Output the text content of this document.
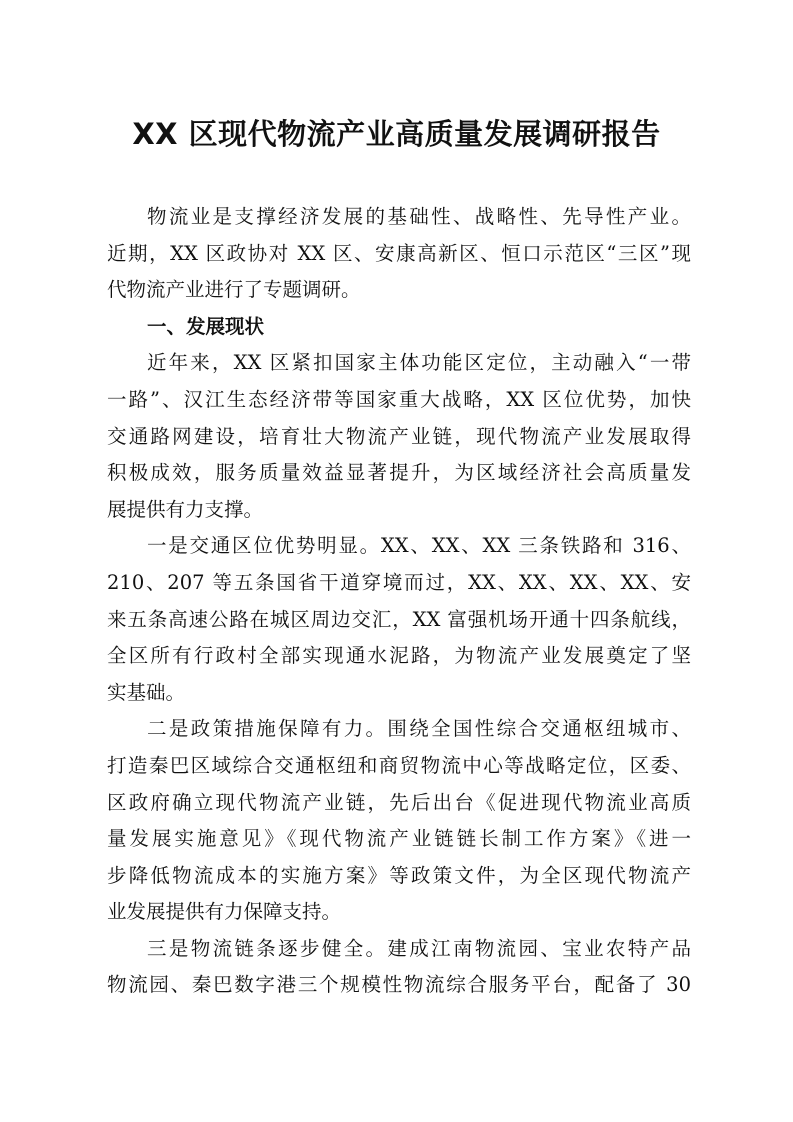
XX 区现代物流产业高质量发展调研报告
物流业是支撑经济发展的基础性、战略性、先导性产业。
近期，XX 区政协对 XX 区、安康高新区、恒口示范区“三区”现
代物流产业进行了专题调研。
一、发展现状
近年来，XX 区紧扣国家主体功能区定位，主动融入“一带
一路”、汉江生态经济带等国家重大战略，XX 区位优势，加快
交通路网建设，培育壮大物流产业链，现代物流产业发展取得
积极成效，服务质量效益显著提升，为区域经济社会高质量发
展提供有力支撑。
一是交通区位优势明显。XX、XX、XX 三条铁路和 316、
210、207 等五条国省干道穿境而过，XX、XX、XX、XX、安
来五条高速公路在城区周边交汇，XX 富强机场开通十四条航线，
全区所有行政村全部实现通水泥路，为物流产业发展奠定了坚
实基础。
二是政策措施保障有力。围绕全国性综合交通枢纽城市、
打造秦巴区域综合交通枢纽和商贸物流中心等战略定位，区委、
区政府确立现代物流产业链，先后出台《促进现代物流业高质
量发展实施意见》《现代物流产业链链长制工作方案》《进一
步降低物流成本的实施方案》等政策文件，为全区现代物流产
业发展提供有力保障支持。
三是物流链条逐步健全。建成江南物流园、宝业农特产品
物流园、秦巴数字港三个规模性物流综合服务平台，配备了 30
